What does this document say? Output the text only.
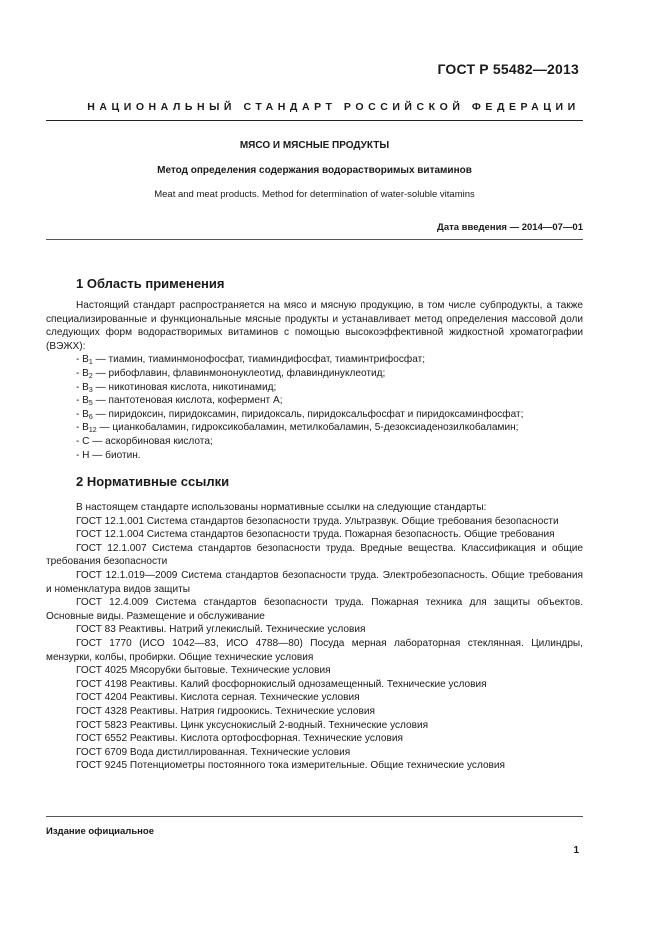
ГОСТ Р 55482—2013
НАЦИОНАЛЬНЫЙ СТАНДАРТ РОССИЙСКОЙ ФЕДЕРАЦИИ
МЯСО И МЯСНЫЕ ПРОДУКТЫ
Метод определения содержания водорастворимых витаминов
Meat and meat products. Method for determination of water-soluble vitamins
Дата введения — 2014—07—01
1 Область применения

Настоящий стандарт распространяется на мясо и мясную продукцию, в том числе субпродукты, а также специализированные и функциональные мясные продукты и устанавливает метод определения массовой доли следующих форм водорастворимых витаминов с помощью высокоэффективной жидкостной хроматографии (ВЭЖХ):

- $В_1$ — тиамин, тиаминмонофосфат, тиаминдифосфат, тиаминтрифосфат;

- $В_2$ — рибофлавин, флавинмононуклеотид, флавиндинуклеотид;

- $В_3$ — никотиновая кислота, никотинамид;

- $В_5$ — пантотеновая кислота, кофермент А;

- $В_6$ — пиридоксин, пиридоксамин, пиридоксаль, пиридоксальфосфат и пиридоксаминфосфат;

- $В_{12}$ — цианкобаламин, гидроксикобаламин, метилкобаламин, 5-дезоксиаденозилкобаламин;

- С — аскорбиновая кислота;

- Н — биотин.

2 Нормативные ссылки

В настоящем стандарте использованы нормативные ссылки на следующие стандарты:

ГОСТ 12.1.001 Система стандартов безопасности труда. Ультразвук. Общие требования безопасности

ГОСТ 12.1.004 Система стандартов безопасности труда. Пожарная безопасность. Общие требования

ГОСТ 12.1.007 Система стандартов безопасности труда. Вредные вещества. Классификация и общие требования безопасности

ГОСТ 12.1.019—2009 Система стандартов безопасности труда. Электробезопасность. Общие требования и номенклатура видов защиты

ГОСТ 12.4.009 Система стандартов безопасности труда. Пожарная техника для защиты объектов. Основные виды. Размещение и обслуживание

ГОСТ 83 Реактивы. Натрий углекислый. Технические условия

ГОСТ 1770 (ИСО 1042—83, ИСО 4788—80) Посуда мерная лабораторная стеклянная. Цилиндры, мензурки, колбы, пробирки. Общие технические условия

ГОСТ 4025 Мясорубки бытовые. Технические условия

ГОСТ 4198 Реактивы. Калий фосфорнокислый однозамещенный. Технические условия

ГОСТ 4204 Реактивы. Кислота серная. Технические условия

ГОСТ 4328 Реактивы. Натрия гидроокись. Технические условия

ГОСТ 5823 Реактивы. Цинк уксуснокислый 2-водный. Технические условия

ГОСТ 6552 Реактивы. Кислота ортофосфорная. Технические условия

ГОСТ 6709 Вода дистиллированная. Технические условия

ГОСТ 9245 Потенциометры постоянного тока измерительные. Общие технические условия

Издание официальное
1
